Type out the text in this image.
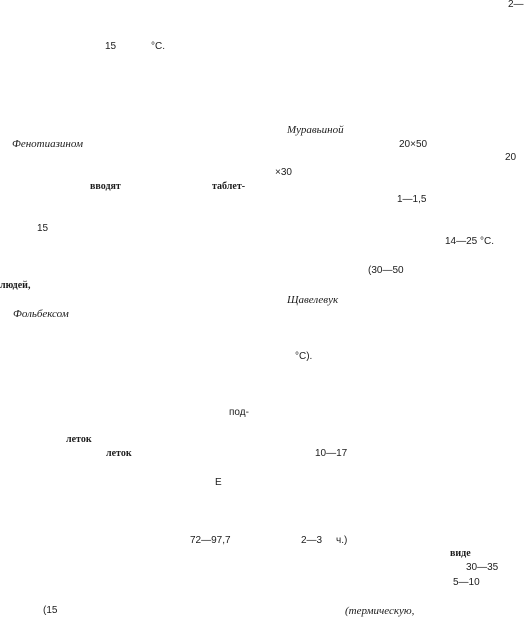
2—
15	°С.
Муравьиной
Фенотиазином	20×50
20
×30
вводят	таблет-
1—1,5
15
14—25 °С.
(30—50
людей,
Щавелевук
Фольбексом
°С).
под-
леток
леток	10—17
Е
72—97,7	2—3 ч.)
виде
30—35
5—10
(15	(термическую,
